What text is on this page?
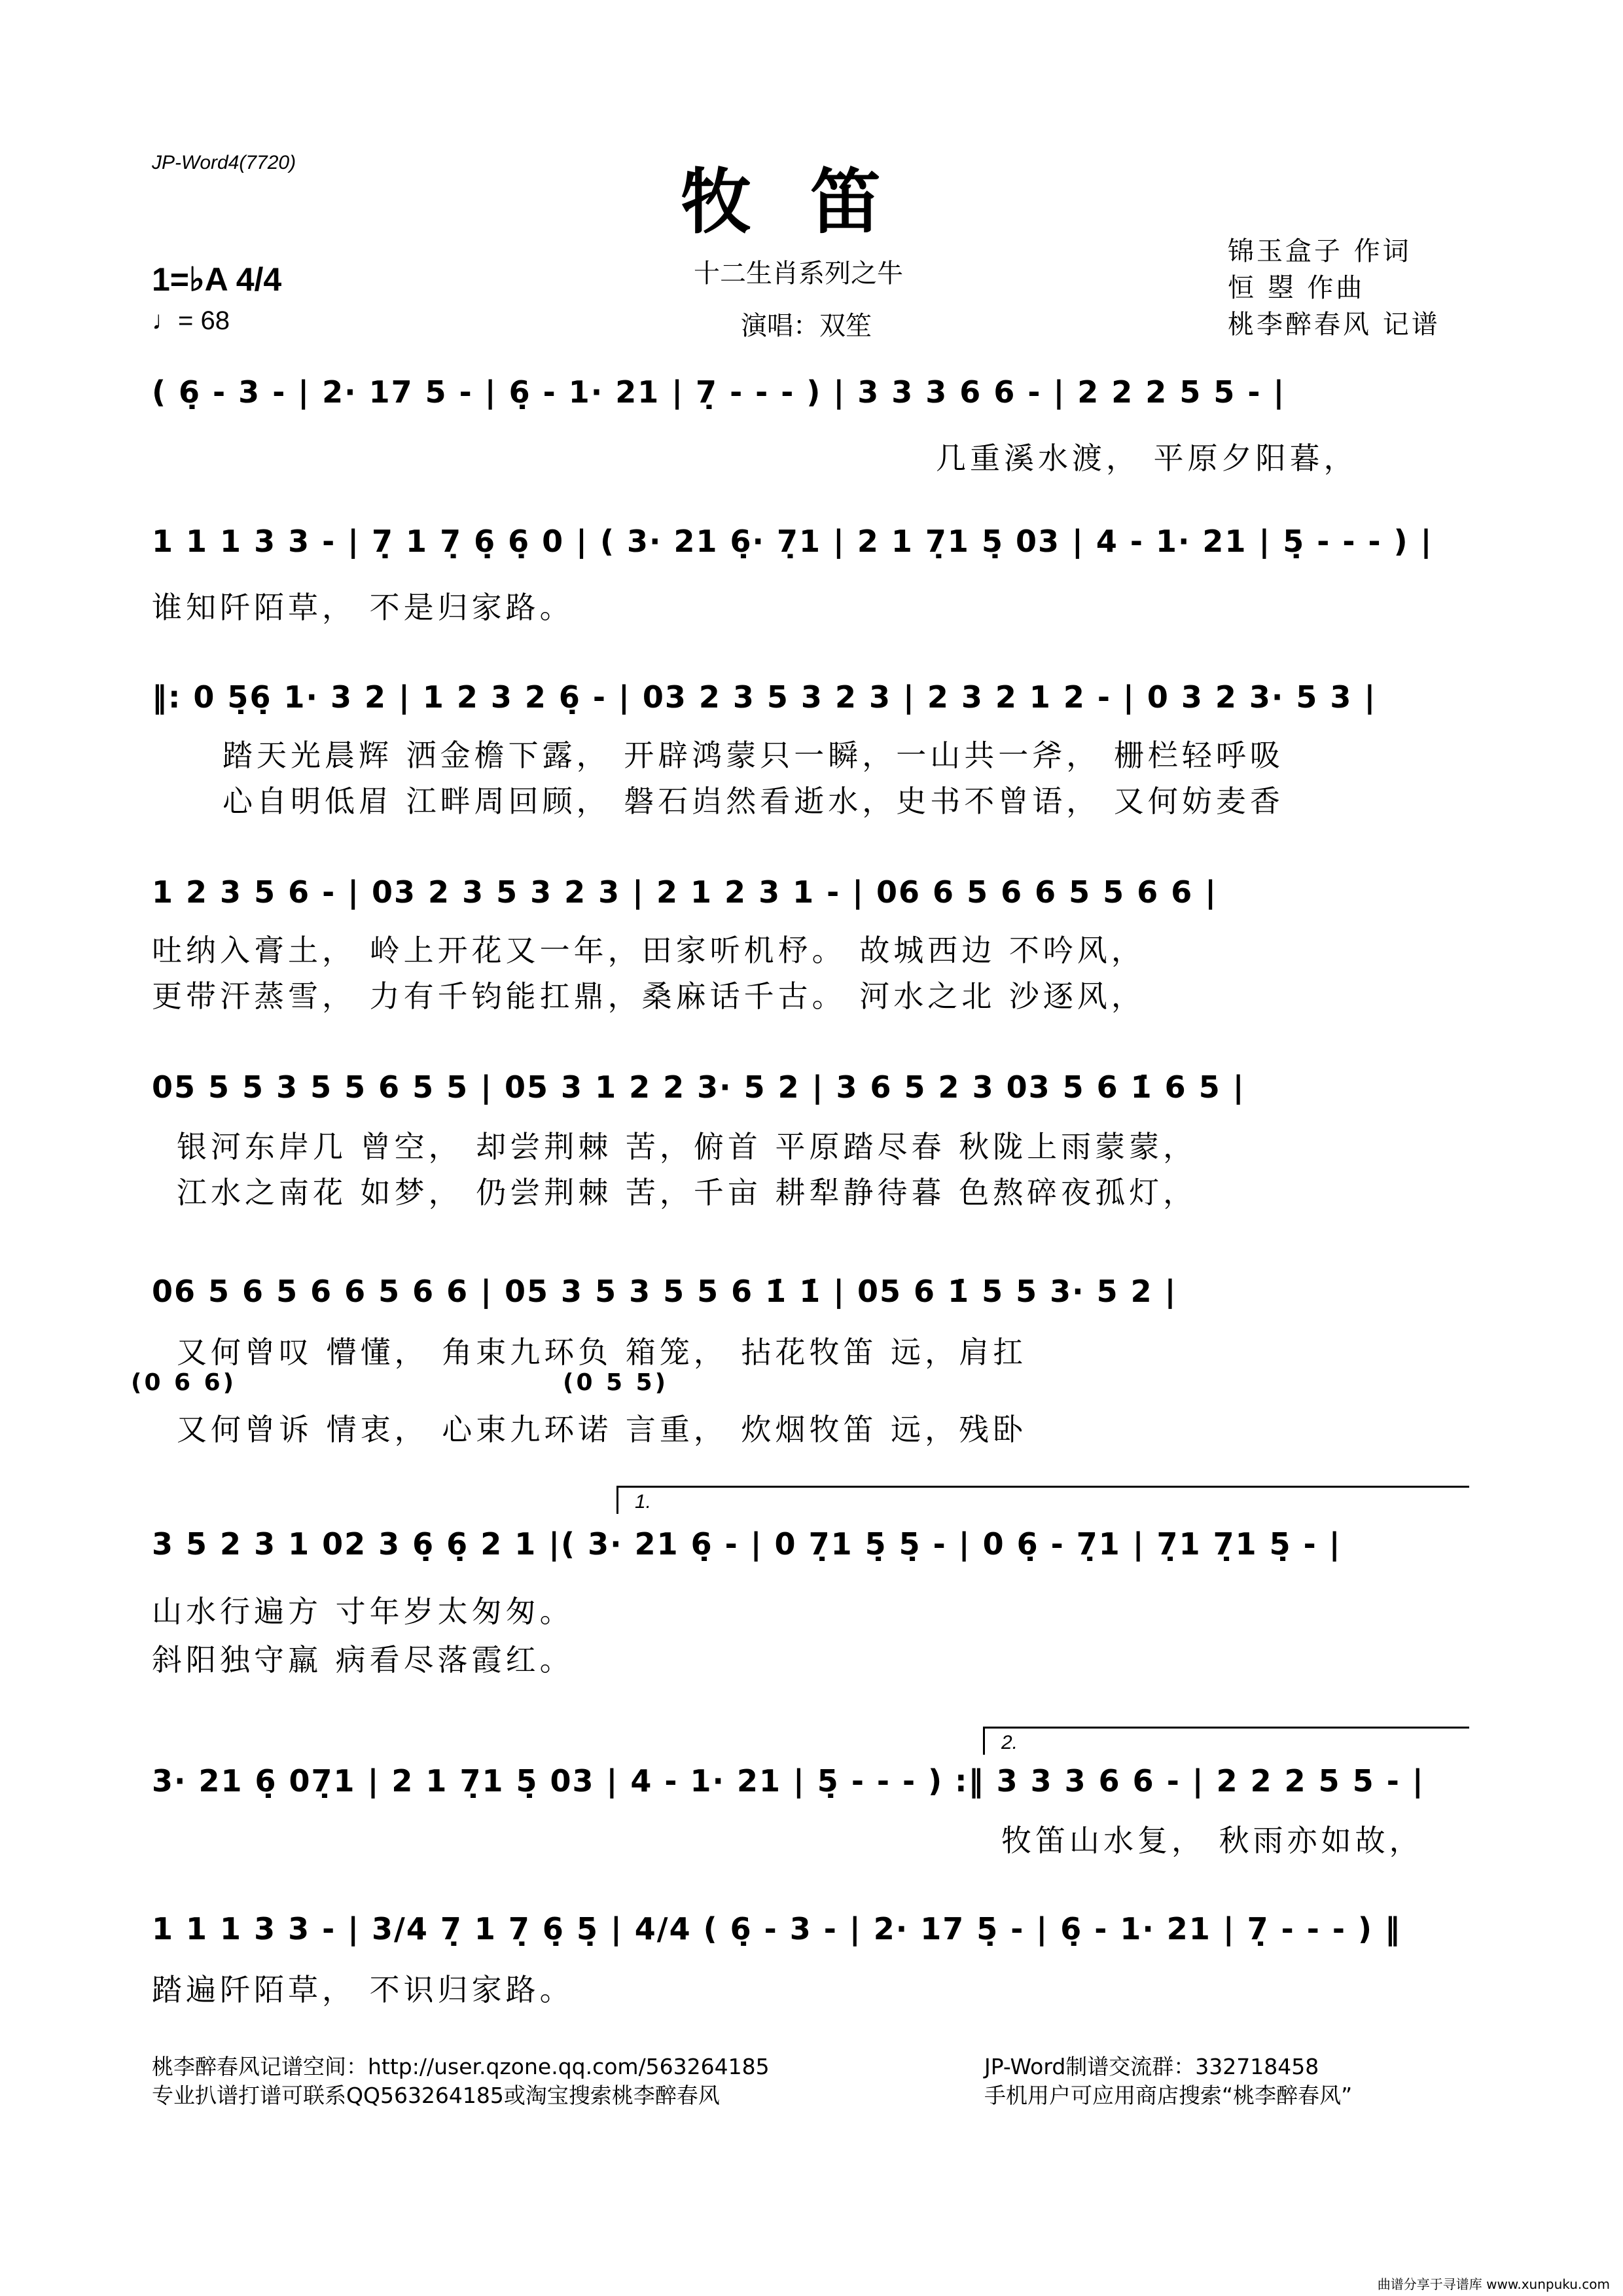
JP-Word4(7720)	牧笛
十二生肖系列之牛
演唱：双笙
锦玉盒子 作词
恒 曌 作曲
桃李醉春风 记谱
1=♭A 4/4
♩= 68
( 6̣ - 3 - | 2· 17 5 - | 6̣ - 1· 21 | 7̣ - - - ) | 3 3 3 6 6 - | 2 2 2 5 5 - |
几重溪水渡， 平原夕阳暮，
1 1 1 3 3 - | 7̣ 1 7̣ 6̣ 6̣ 0 | ( 3· 21 6̣· 7̣1 | 2 1 7̣1 5̣ 03 | 4 - 1· 21 | 5̣ - - - ) |
谁知阡陌草， 不是归家路。
‖: 0 5̣6̣ 1· 3 2 | 1 2 3 2 6̣ - | 03 2 3 5 3 2 3 | 2 3 2 1 2 - | 0 3 2 3· 5 3 |
踏天光晨辉 洒金檐下露， 开辟鸿蒙只一瞬，一山共一斧， 栅栏轻呼吸
心自明低眉 江畔周回顾， 磐石岿然看逝水，史书不曾语， 又何妨麦香
1 2 3 5 6 - | 03 2 3 5 3 2 3 | 2 1 2 3 1 - | 06 6 5 6 6 5 5 6 6 |
吐纳入膏土， 岭上开花又一年，田家听机杼。 故城西边 不吟风，
更带汗蒸雪， 力有千钧能扛鼎，桑麻话千古。 河水之北 沙逐风，
05 5 5 3 5 5 6 5 5 | 05 3 1 2 2 3· 5 2 | 3 6 5 2 3 03 5 6 1̇ 6 5 |
银河东岸几 曾空， 却尝荆棘 苦，俯首 平原踏尽春 秋陇上雨蒙蒙，
江水之南花 如梦， 仍尝荆棘 苦，千亩 耕犁静待暮 色熬碎夜孤灯，
06 5 6 5 6 6 5 6 6 | 05 3 5 3 5 5 6 1̇ 1̇ | 05 6 1̇ 5 5 3· 5 2 |
又何曾叹 懵懂， 角束九环负 箱笼， 拈花牧笛 远，肩扛
(0 6 6)	(0 5 5)
又何曾诉 情衷， 心束九环诺 言重， 炊烟牧笛 远，残卧
1.
3 5 2 3 1 02 3 6̣ 6̣ 2 1 |( 3· 21 6̣ - | 0 7̣1 5̣ 5̣ - | 0 6̣ - 7̣1 | 7̣1 7̣1 5̣ - |
山水行遍方 寸年岁太匆匆。
斜阳独守羸 病看尽落霞红。
2.
3· 21 6̣ 07̣1 | 2 1 7̣1 5̣ 03 | 4 - 1· 21 | 5̣ - - - ) :‖ 3 3 3 6 6 - | 2 2 2 5 5 - |
牧笛山水复， 秋雨亦如故，
1 1 1 3 3 - | 3/4 7̣ 1 7̣ 6̣ 5̣ | 4/4 ( 6̣ - 3 - | 2· 17 5̣ - | 6̣ - 1· 21 | 7̣ - - - ) ‖
踏遍阡陌草， 不识归家路。
桃李醉春风记谱空间：http://user.qzone.qq.com/563264185
专业扒谱打谱可联系QQ563264185或淘宝搜索桃李醉春风
JP-Word制谱交流群：332718458
手机用户可应用商店搜索“桃李醉春风”
曲谱分享于寻谱库 www.xunpuku.com
